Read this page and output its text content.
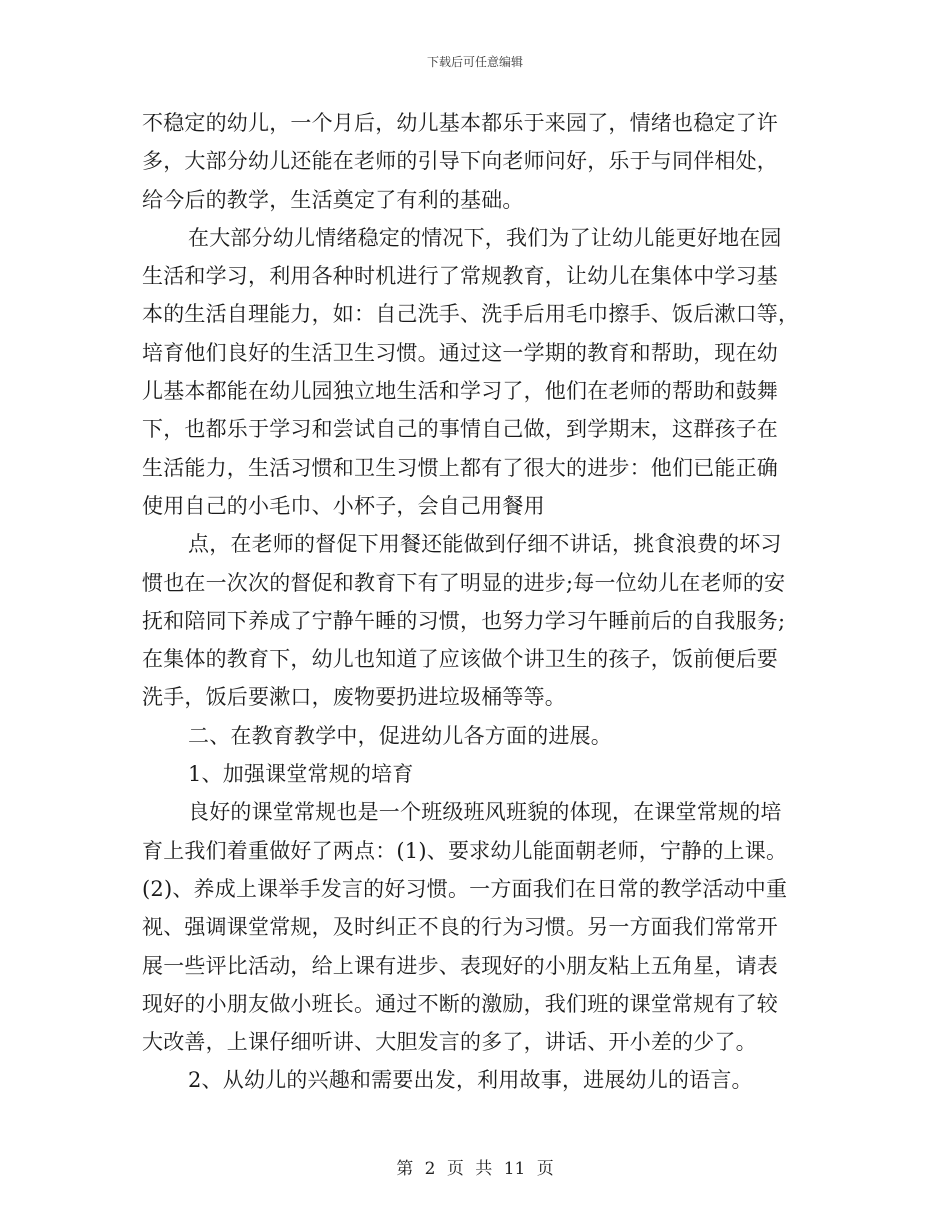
下载后可任意编辑
不稳定的幼儿，一个月后，幼儿基本都乐于来园了，情绪也稳定了许
多，大部分幼儿还能在老师的引导下向老师问好，乐于与同伴相处，
给今后的教学，生活奠定了有利的基础。
在大部分幼儿情绪稳定的情况下，我们为了让幼儿能更好地在园
生活和学习，利用各种时机进行了常规教育，让幼儿在集体中学习基
本的生活自理能力，如：自己洗手、洗手后用毛巾擦手、饭后漱口等，
培育他们良好的生活卫生习惯。通过这一学期的教育和帮助，现在幼
儿基本都能在幼儿园独立地生活和学习了，他们在老师的帮助和鼓舞
下，也都乐于学习和尝试自己的事情自己做，到学期末，这群孩子在
生活能力，生活习惯和卫生习惯上都有了很大的进步：他们已能正确
使用自己的小毛巾、小杯子，会自己用餐用
点，在老师的督促下用餐还能做到仔细不讲话，挑食浪费的坏习
惯也在一次次的督促和教育下有了明显的进步;每一位幼儿在老师的安
抚和陪同下养成了宁静午睡的习惯，也努力学习午睡前后的自我服务;
在集体的教育下，幼儿也知道了应该做个讲卫生的孩子，饭前便后要
洗手，饭后要漱口，废物要扔进垃圾桶等等。
二、在教育教学中，促进幼儿各方面的进展。
1、加强课堂常规的培育
良好的课堂常规也是一个班级班风班貌的体现，在课堂常规的培
育上我们着重做好了两点：(1)、要求幼儿能面朝老师，宁静的上课。
(2)、养成上课举手发言的好习惯。一方面我们在日常的教学活动中重
视、强调课堂常规，及时纠正不良的行为习惯。另一方面我们常常开
展一些评比活动，给上课有进步、表现好的小朋友粘上五角星，请表
现好的小朋友做小班长。通过不断的激励，我们班的课堂常规有了较
大改善，上课仔细听讲、大胆发言的多了，讲话、开小差的少了。
2、从幼儿的兴趣和需要出发，利用故事，进展幼儿的语言。
第 2 页 共 11 页
